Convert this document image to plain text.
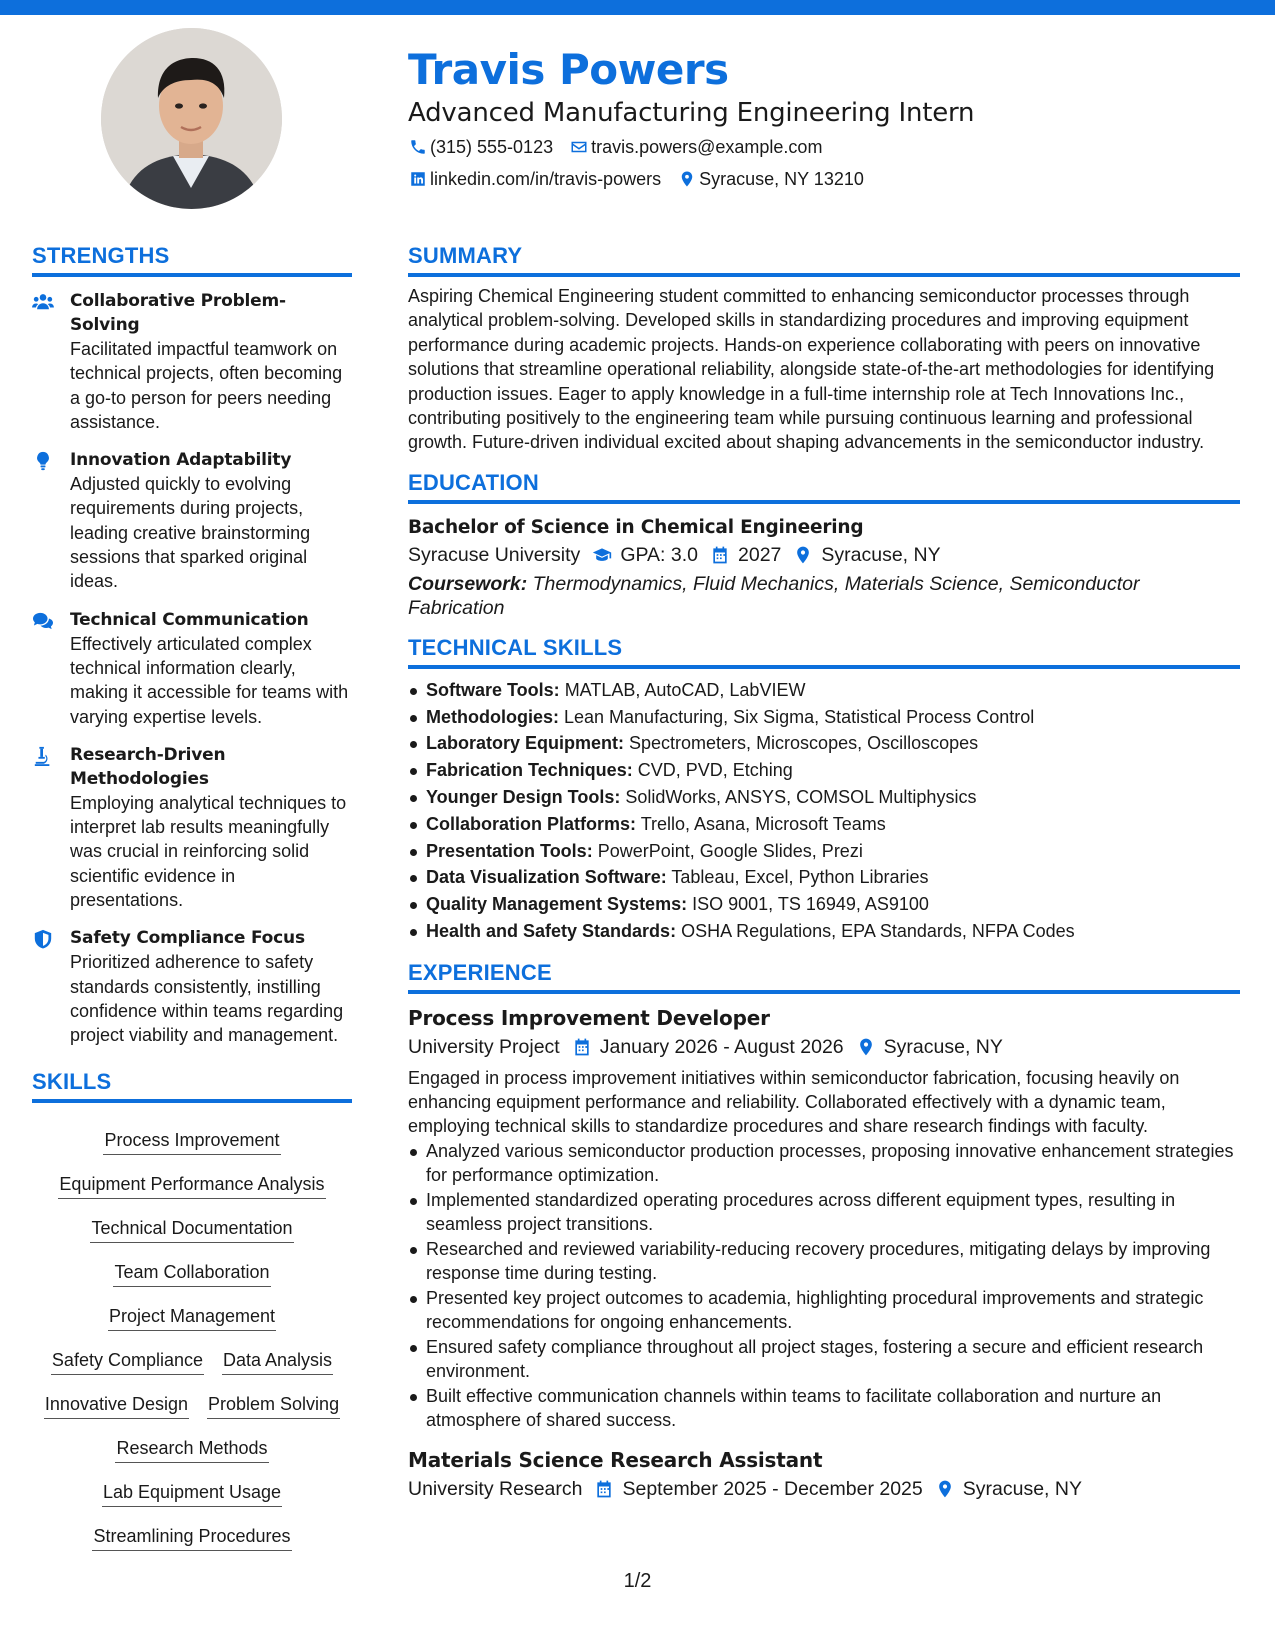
Travis Powers
Advanced Manufacturing Engineering Intern
(315) 555-0123 travis.powers@example.com
linkedin.com/in/travis-powers Syracuse, NY 13210
STRENGTHS
Collaborative Problem-Solving
Facilitated impactful teamwork on technical projects, often becoming a go-to person for peers needing assistance.
Innovation Adaptability
Adjusted quickly to evolving requirements during projects, leading creative brainstorming sessions that sparked original ideas.
Technical Communication
Effectively articulated complex technical information clearly, making it accessible for teams with varying expertise levels.
Research-Driven Methodologies
Employing analytical techniques to interpret lab results meaningfully was crucial in reinforcing solid scientific evidence in presentations.
Safety Compliance Focus
Prioritized adherence to safety standards consistently, instilling confidence within teams regarding project viability and management.
SKILLS
Process Improvement
Equipment Performance Analysis
Technical Documentation
Team Collaboration
Project Management
Safety Compliance Data Analysis
Innovative Design Problem Solving
Research Methods
Lab Equipment Usage
Streamlining Procedures
SUMMARY
Aspiring Chemical Engineering student committed to enhancing semiconductor processes through analytical problem-solving. Developed skills in standardizing procedures and improving equipment performance during academic projects. Hands-on experience collaborating with peers on innovative solutions that streamline operational reliability, alongside state-of-the-art methodologies for identifying production issues. Eager to apply knowledge in a full-time internship role at Tech Innovations Inc., contributing positively to the engineering team while pursuing continuous learning and professional growth. Future-driven individual excited about shaping advancements in the semiconductor industry.
EDUCATION
Bachelor of Science in Chemical Engineering
Syracuse University GPA: 3.0 2027 Syracuse, NY
Coursework: Thermodynamics, Fluid Mechanics, Materials Science, Semiconductor Fabrication
TECHNICAL SKILLS
Software Tools: MATLAB, AutoCAD, LabVIEW
Methodologies: Lean Manufacturing, Six Sigma, Statistical Process Control
Laboratory Equipment: Spectrometers, Microscopes, Oscilloscopes
Fabrication Techniques: CVD, PVD, Etching
Younger Design Tools: SolidWorks, ANSYS, COMSOL Multiphysics
Collaboration Platforms: Trello, Asana, Microsoft Teams
Presentation Tools: PowerPoint, Google Slides, Prezi
Data Visualization Software: Tableau, Excel, Python Libraries
Quality Management Systems: ISO 9001, TS 16949, AS9100
Health and Safety Standards: OSHA Regulations, EPA Standards, NFPA Codes
EXPERIENCE
Process Improvement Developer
University Project January 2026 - August 2026 Syracuse, NY
Engaged in process improvement initiatives within semiconductor fabrication, focusing heavily on enhancing equipment performance and reliability. Collaborated effectively with a dynamic team, employing technical skills to standardize procedures and share research findings with faculty.
Analyzed various semiconductor production processes, proposing innovative enhancement strategies for performance optimization.
Implemented standardized operating procedures across different equipment types, resulting in seamless project transitions.
Researched and reviewed variability-reducing recovery procedures, mitigating delays by improving response time during testing.
Presented key project outcomes to academia, highlighting procedural improvements and strategic recommendations for ongoing enhancements.
Ensured safety compliance throughout all project stages, fostering a secure and efficient research environment.
Built effective communication channels within teams to facilitate collaboration and nurture an atmosphere of shared success.
Materials Science Research Assistant
University Research September 2025 - December 2025 Syracuse, NY
1/2
